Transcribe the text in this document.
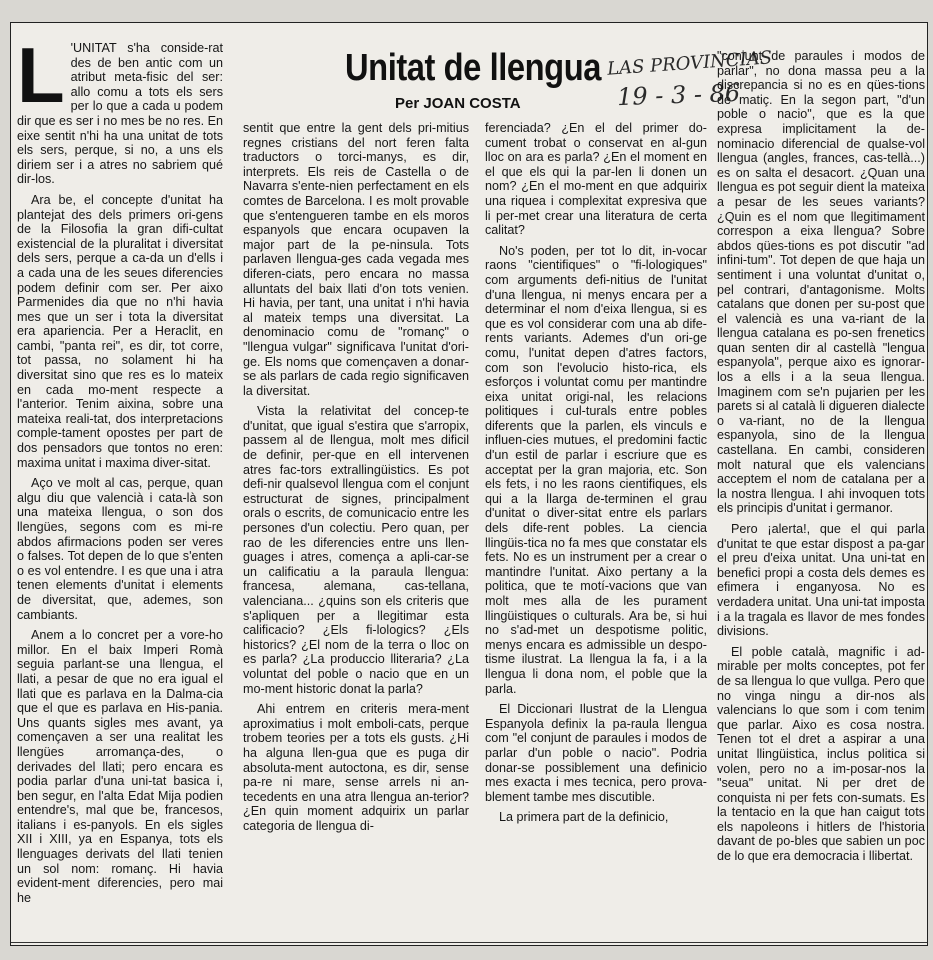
Unitat de llengua
Per JOAN COSTA
LAS PROVINCIAS
19 - 3 - 86
L 'UNITAT s'ha conside-rat des de ben antic com un atribut meta-fisic del ser: allo comu a tots els sers per lo que a cada u podem dir que es ser i no mes be no res. En eixe sentit n'hi ha una unitat de tots els sers, perque, si no, a uns els diriem ser i a atres no sabriem qué dir-los.

Ara be, el concepte d'unitat ha plantejat des dels primers ori-gens de la Filosofia la gran difi-cultat existencial de la pluralitat i diversitat dels sers, perque a ca-da un d'ells i a cada una de les seues diferencies podem definir com ser. Per aixo Parmenides dia que no n'hi havia mes que un ser i tota la diversitat era apariencia. Per a Heraclit, en cambi, "panta rei", es dir, tot corre, tot passa, no solament hi ha diversitat sino que res es lo mateix en cada mo-ment respecte a l'anterior. Tenim aixina, sobre una mateixa reali-tat, dos interpretacions comple-tament opostes per part de dos pensadors que tontos no eren: maxima unitat i maxima diver-sitat.

Aço ve molt al cas, perque, quan algu diu que valencià i cata-là son una mateixa llengua, o son dos llengües, segons com es mi-re abdos afirmacions poden ser veres o falses. Tot depen de lo que s'enten o es vol entendre. I es que una i atra tenen elements d'unitat i elements de diversitat, que, ademes, son cambiants.

Anem a lo concret per a vore-ho millor. En el baix Imperi Romà seguia parlant-se una llengua, el llati, a pesar de que no era igual el llati que es parlava en la Dalma-cia que el que es parlava en His-pania. Uns quants sigles mes avant, ya començaven a ser una realitat les llengües arromança-des, o derivades del llati; pero encara es podia parlar d'una uni-tat basica i, ben segur, en l'alta Edat Mija podien entendre's, mal que be, francesos, italians i es-panyols. En els sigles XII i XIII, ya en Espanya, tots els llenguages derivats del llati tenien un sol nom: romanç. Hi havia evident-ment diferencies, pero mai he

sentit que entre la gent dels pri-mitius regnes cristians del nort feren falta traductors o torci-manys, es dir, interprets. Els reis de Castella o de Navarra s'ente-nien perfectament en els comtes de Barcelona. I es molt provable que s'entengueren tambe en els moros espanyols que encara ocupaven la major part de la pe-ninsula. Tots parlaven llengua-ges cada vegada mes diferen-ciats, pero encara no massa alluntats del baix llati d'on tots venien. Hi havia, per tant, una unitat i n'hi havia al mateix temps una diversitat. La denominacio comu de "romanç" o "llengua vulgar" significava l'unitat d'ori-ge. Els noms que començaven a donar-se als parlars de cada regio significaven la diversitat.

Vista la relativitat del concep-te d'unitat, que igual s'estira que s'arropix, passem al de llengua, molt mes dificil de definir, per-que en ell intervenen atres fac-tors extrallingüistics. Es pot defi-nir qualsevol llengua com el conjunt estructurat de signes, principalment orals o escrits, de comunicacio entre les persones d'un colectiu. Pero quan, per rao de les diferencies entre uns llen-guages i atres, comença a apli-car-se un calificatiu a la paraula llengua: francesa, alemana, cas-tellana, valenciana... ¿quins son els criteris que s'apliquen per a llegitimar esta calificacio? ¿Els fi-lologics? ¿Els historics? ¿El nom de la terra o lloc on es parla? ¿La produccio lliteraria? ¿La voluntat del poble o nacio que en un mo-ment historic donat la parla?

Ahi entrem en criteris mera-ment aproximatius i molt emboli-cats, perque trobem teories per a tots els gusts. ¿Hi ha alguna llen-gua que es puga dir absoluta-ment autoctona, es dir, sense pa-re ni mare, sense arrels ni an-tecedents en una atra llengua an-terior? ¿En quin moment adquirix un parlar categoria de llengua di-

ferenciada? ¿En el del primer do-cument trobat o conservat en al-gun lloc on ara es parla? ¿En el moment en el que els qui la par-len li donen un nom? ¿En el mo-ment en que adquirix una riquea i complexitat expresiva que li per-met crear una literatura de certa calitat?

No's poden, per tot lo dit, in-vocar raons "cientifiques" o "fi-lologiques" com arguments defi-nitius de l'unitat d'una llengua, ni menys encara per a determinar el nom d'eixa llengua, si es que es vol considerar com una ab dife-rents variants. Ademes d'un ori-ge comu, l'unitat depen d'atres factors, com son l'evolucio histo-rica, els esforços i voluntat comu per mantindre eixa unitat origi-nal, les relacions politiques i cul-turals entre pobles diferents que la parlen, els vinculs e influen-cies mutues, el predomini factic d'un estil de parlar i escriure que es acceptat per la gran majoria, etc. Son els fets, i no les raons cientifiques, els qui a la llarga de-terminen el grau d'unitat o diver-sitat entre els parlars dels dife-rent pobles. La ciencia llingüis-tica no fa mes que constatar els fets. No es un instrument per a crear o mantindre l'unitat. Aixo pertany a la politica, que te motí-vacions que van molt mes alla de les purament llingüistiques o culturals. Ara be, si hui no s'ad-met un despotisme politic, menys encara es admissible un despo-tisme ilustrat. La llengua la fa, i a la llengua li dona nom, el poble que la parla.

El Diccionari Ilustrat de la Llengua Espanyola definix la pa-raula llengua com "el conjunt de paraules i modos de parlar d'un poble o nacio". Podria donar-se possiblement una definicio mes exacta i mes tecnica, pero prova-blement tambe mes discutible.

La primera part de la definicio,

"conjunt de paraules i modos de parlar", no dona massa peu a la discrepancia si no es en qües-tions de matiç. En la segon part, "d'un poble o nacio", que es la que expresa implicitament la de-nominacio diferencial de qualse-vol llengua (angles, frances, cas-tellà...) es on salta el desacort. ¿Quan una llengua es pot seguir dient la mateixa a pesar de les seues variants? ¿Quin es el nom que llegitimament correspon a eixa llengua? Sobre abdos qües-tions es pot discutir "ad infini-tum". Tot depen de que haja un sentiment i una voluntat d'unitat o, pel contrari, d'antagonisme. Molts catalans que donen per su-post que el valencià es una va-riant de la llengua catalana es po-sen frenetics quan senten dir al castellà "lengua espanyola", perque aixo es ignorar-los a ells i a la seua llengua. Imaginem com se'n pujarien per les parets si al català li digueren dialecte o va-riant, no de la llengua espanyola, sino de la llengua castellana. En cambi, consideren molt natural que els valencians acceptem el nom de catalana per a la nostra llengua. I ahi invoquen tots els principis d'unitat i germanor.

Pero ¡alerta!, que el qui parla d'unitat te que estar dispost a pa-gar el preu d'eixa unitat. Una uni-tat en benefici propi a costa dels demes es efimera i enganyosa. No es verdadera unitat. Una uni-tat imposta i a la tragala es llavor de mes fondes divisions.

El poble català, magnific i ad-mirable per molts conceptes, pot fer de sa llengua lo que vullga. Pero que no vinga ningu a dir-nos als valencians lo que som i com tenim que parlar. Aixo es cosa nostra. Tenen tot el dret a aspirar a una unitat llingüistica, inclus politica si volen, pero no a im-posar-nos la "seua" unitat. Ni per dret de conquista ni per fets con-sumats. Es la tentacio en la que han caigut tots els napoleons i hitlers de l'historia davant de po-bles que sabien un poc de lo que era democracia i llibertat.
